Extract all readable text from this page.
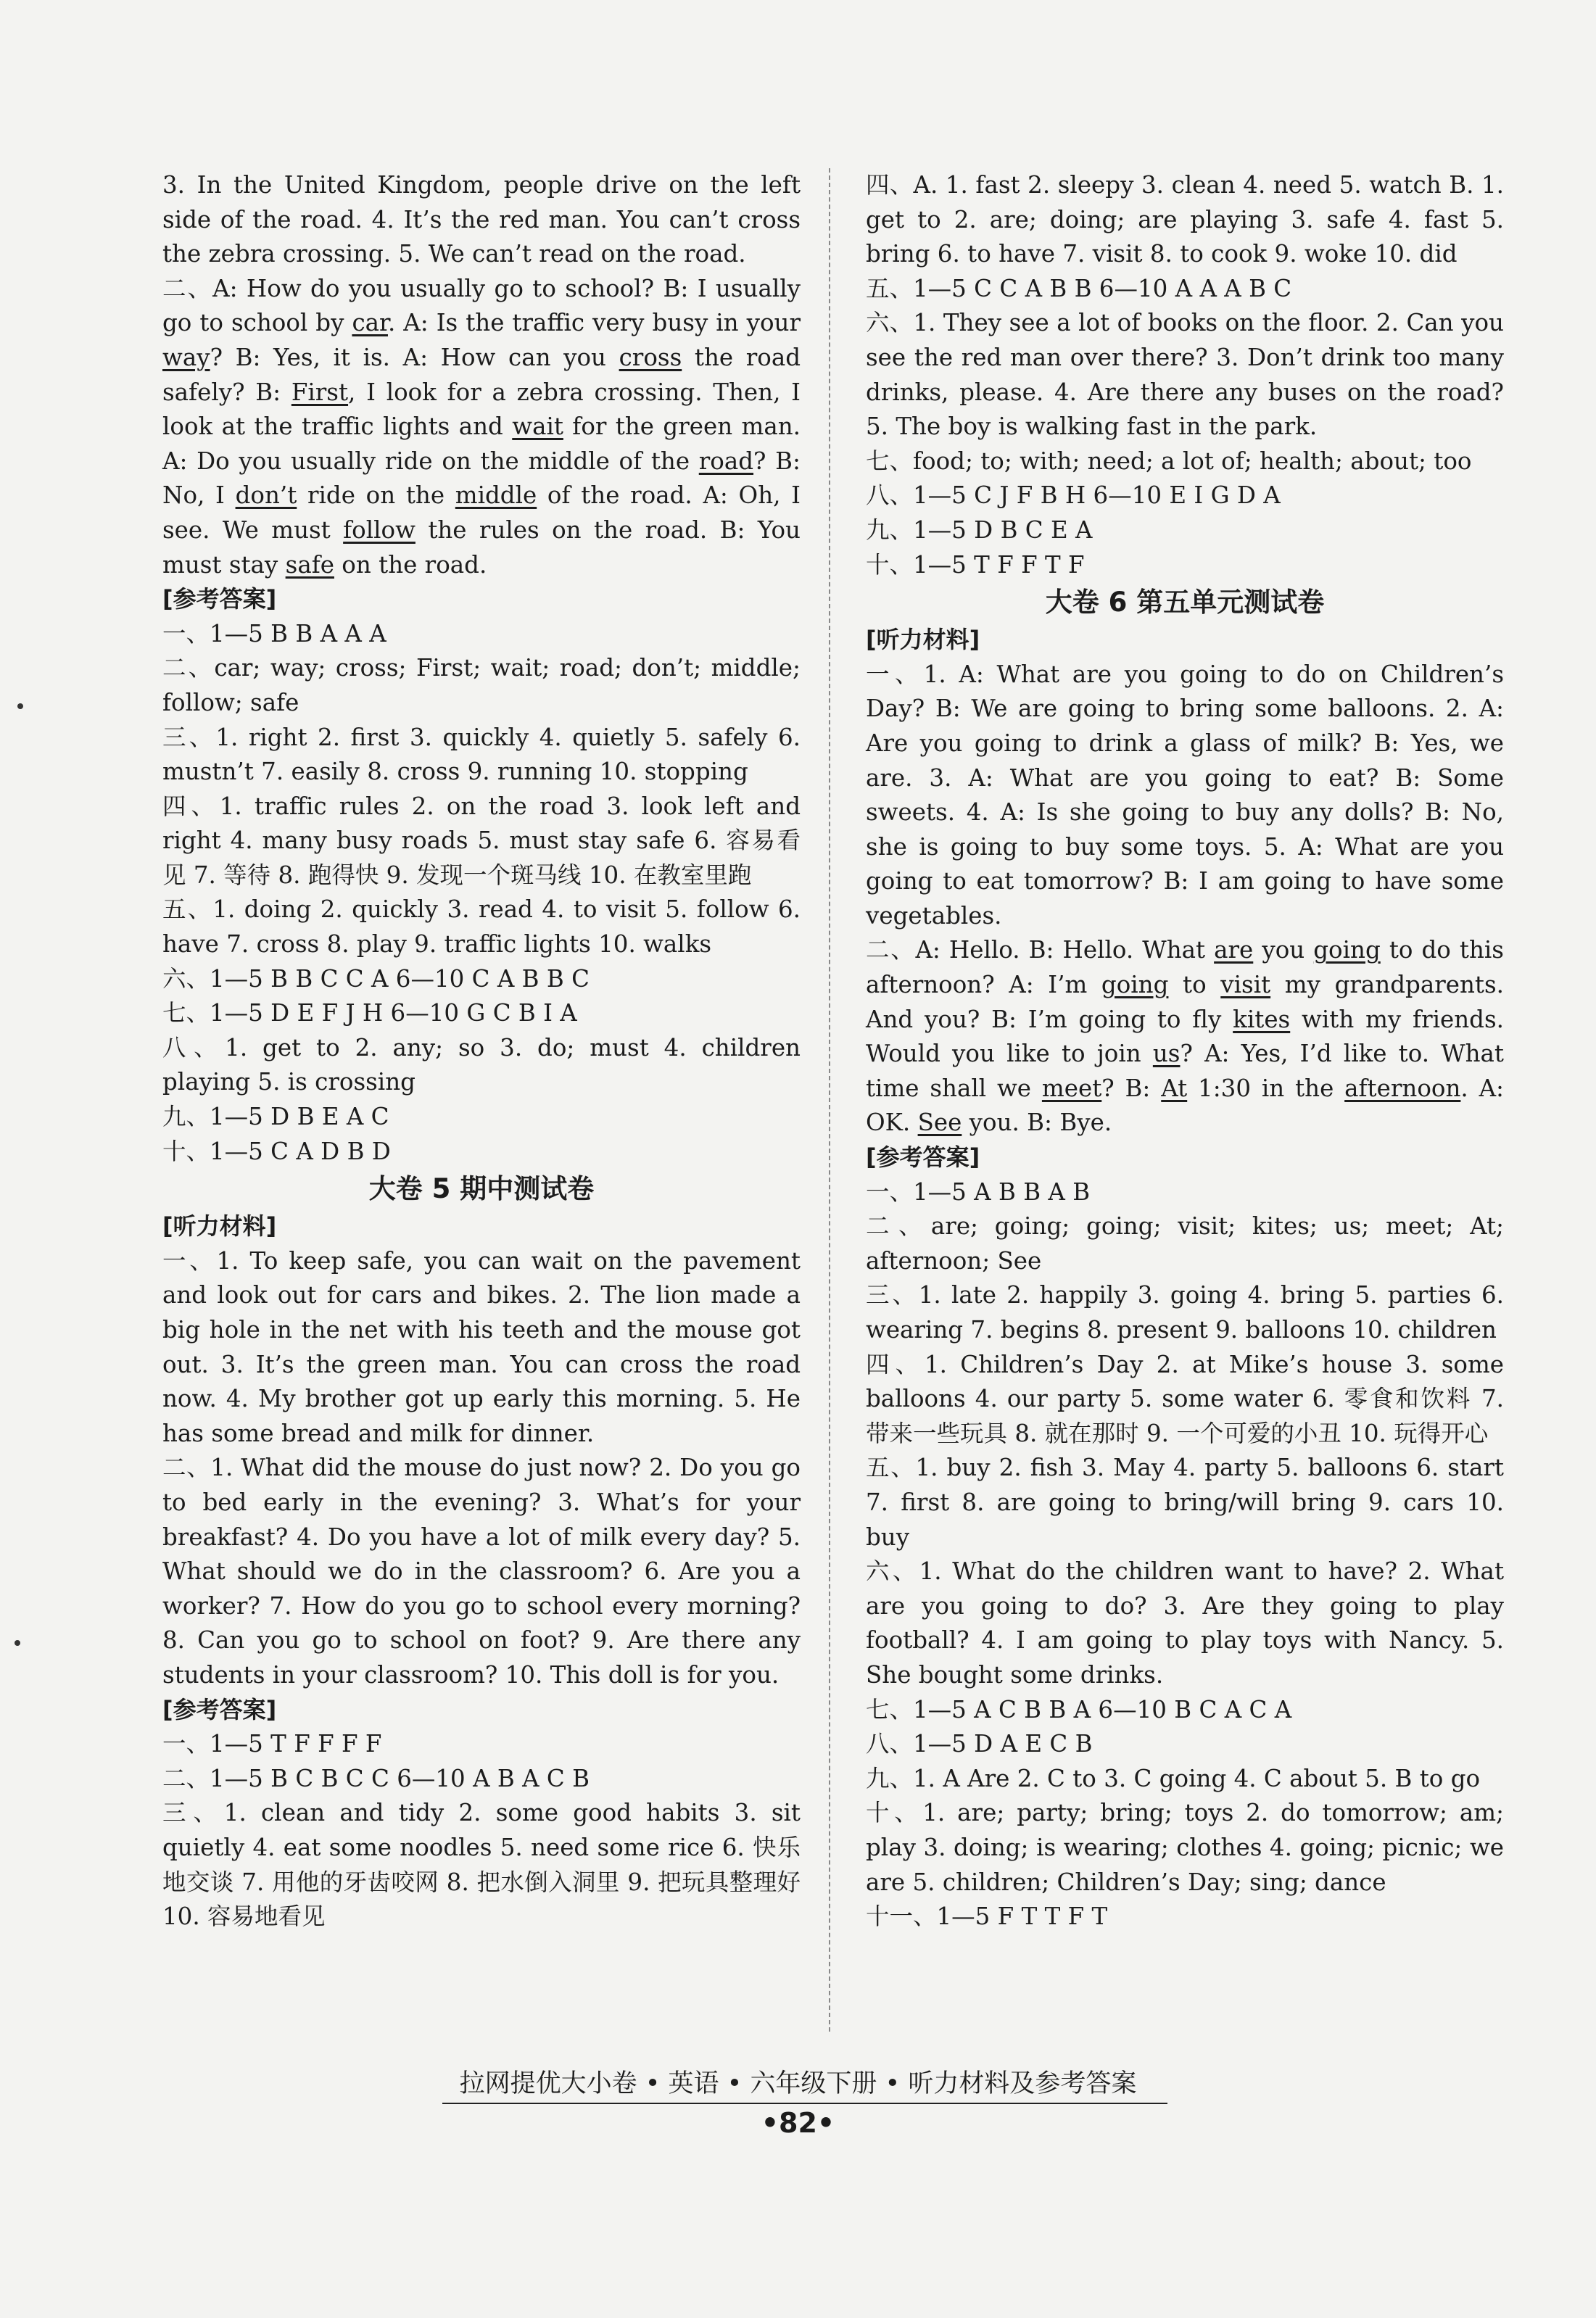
3. In the United Kingdom, people drive on the left side of the road. 4. It’s the red man. You can’t cross the zebra crossing. 5. We can’t read on the road.

二、A: How do you usually go to school? B: I usually go to school by car. A: Is the traffic very busy in your way? B: Yes, it is. A: How can you cross the road safely? B: First, I look for a zebra crossing. Then, I look at the traffic lights and wait for the green man. A: Do you usually ride on the middle of the road? B: No, I don’t ride on the middle of the road. A: Oh, I see. We must follow the rules on the road. B: You must stay safe on the road.

[参考答案]

一、1—5 B B A A A

二、car; way; cross; First; wait; road; don’t; middle; follow; safe

三、1. right 2. first 3. quickly 4. quietly 5. safely 6. mustn’t 7. easily 8. cross 9. running 10. stopping

四、1. traffic rules 2. on the road 3. look left and right 4. many busy roads 5. must stay safe 6. 容易看见 7. 等待 8. 跑得快 9. 发现一个斑马线 10. 在教室里跑

五、1. doing 2. quickly 3. read 4. to visit 5. follow 6. have 7. cross 8. play 9. traffic lights 10. walks

六、1—5 B B C C A 6—10 C A B B C

七、1—5 D E F J H 6—10 G C B I A

八、1. get to 2. any; so 3. do; must 4. children playing 5. is crossing

九、1—5 D B E A C

十、1—5 C A D B D

大卷 5 期中测试卷

[听力材料]

一、1. To keep safe, you can wait on the pavement and look out for cars and bikes. 2. The lion made a big hole in the net with his teeth and the mouse got out. 3. It’s the green man. You can cross the road now. 4. My brother got up early this morning. 5. He has some bread and milk for dinner.

二、1. What did the mouse do just now? 2. Do you go to bed early in the evening? 3. What’s for your breakfast? 4. Do you have a lot of milk every day? 5. What should we do in the classroom? 6. Are you a worker? 7. How do you go to school every morning? 8. Can you go to school on foot? 9. Are there any students in your classroom? 10. This doll is for you.

[参考答案]

一、1—5 T F F F F

二、1—5 B C B C C 6—10 A B A C B

三、1. clean and tidy 2. some good habits 3. sit quietly 4. eat some noodles 5. need some rice 6. 快乐地交谈 7. 用他的牙齿咬网 8. 把水倒入洞里 9. 把玩具整理好 10. 容易地看见

四、A. 1. fast 2. sleepy 3. clean 4. need 5. watch B. 1. get to 2. are; doing; are playing 3. safe 4. fast 5. bring 6. to have 7. visit 8. to cook 9. woke 10. did

五、1—5 C C A B B 6—10 A A A B C

六、1. They see a lot of books on the floor. 2. Can you see the red man over there? 3. Don’t drink too many drinks, please. 4. Are there any buses on the road? 5. The boy is walking fast in the park.

七、food; to; with; need; a lot of; health; about; too

八、1—5 C J F B H 6—10 E I G D A

九、1—5 D B C E A

十、1—5 T F F T F

大卷 6 第五单元测试卷

[听力材料]

一、1. A: What are you going to do on Children’s Day? B: We are going to bring some balloons. 2. A: Are you going to drink a glass of milk? B: Yes, we are. 3. A: What are you going to eat? B: Some sweets. 4. A: Is she going to buy any dolls? B: No, she is going to buy some toys. 5. A: What are you going to eat tomorrow? B: I am going to have some vegetables.

二、A: Hello. B: Hello. What are you going to do this afternoon? A: I’m going to visit my grandparents. And you? B: I’m going to fly kites with my friends. Would you like to join us? A: Yes, I’d like to. What time shall we meet? B: At 1:30 in the afternoon. A: OK. See you. B: Bye.

[参考答案]

一、1—5 A B B A B

二、are; going; going; visit; kites; us; meet; At; afternoon; See

三、1. late 2. happily 3. going 4. bring 5. parties 6. wearing 7. begins 8. present 9. balloons 10. children

四、1. Children’s Day 2. at Mike’s house 3. some balloons 4. our party 5. some water 6. 零食和饮料 7. 带来一些玩具 8. 就在那时 9. 一个可爱的小丑 10. 玩得开心

五、1. buy 2. fish 3. May 4. party 5. balloons 6. start 7. first 8. are going to bring/will bring 9. cars 10. buy

六、1. What do the children want to have? 2. What are you going to do? 3. Are they going to play football? 4. I am going to play toys with Nancy. 5. She bought some drinks.

七、1—5 A C B B A 6—10 B C A C A

八、1—5 D A E C B

九、1. A Are 2. C to 3. C going 4. C about 5. B to go

十、1. are; party; bring; toys 2. do tomorrow; am; play 3. doing; is wearing; clothes 4. going; picnic; we are 5. children; Children’s Day; sing; dance

十一、1—5 F T T F T

拉网提优大小卷 • 英语 • 六年级下册 • 听力材料及参考答案
•82•
